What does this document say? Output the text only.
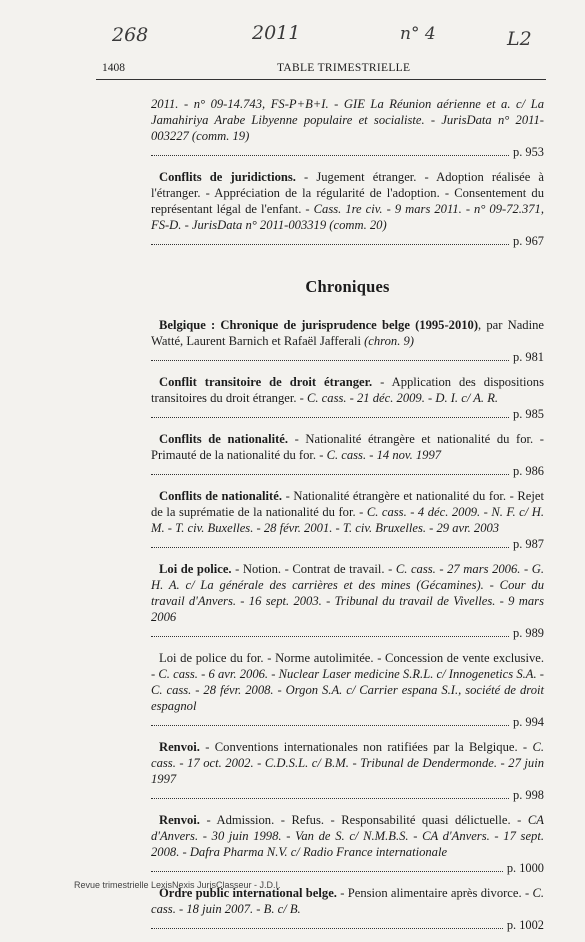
268	2011	n° 4	L2
1408	TABLE TRIMESTRIELLE

2011. - n° 09-14.743, FS-P+B+I. - GIE La Réunion aérienne et a. c/ La Jamahiriya Arabe Libyenne populaire et socialiste. - JurisData n° 2011-003227 (comm. 19)

p. 953

Conflits de juridictions. - Jugement étranger. - Adoption réalisée à l'étranger. - Appréciation de la régularité de l'adoption. - Consentement du représentant légal de l'enfant. - Cass. 1re civ. - 9 mars 2011. - n° 09-72.371, FS-D. - JurisData n° 2011-003319 (comm. 20)

p. 967
Chroniques

Belgique : Chronique de jurisprudence belge (1995-2010), par Nadine Watté, Laurent Barnich et Rafaël Jafferali (chron. 9)

p. 981

Conflit transitoire de droit étranger. - Application des dispositions transitoires du droit étranger. - C. cass. - 21 déc. 2009. - D. I. c/ A. R.

p. 985

Conflits de nationalité. - Nationalité étrangère et nationalité du for. - Primauté de la nationalité du for. - C. cass. - 14 nov. 1997

p. 986

Conflits de nationalité. - Nationalité étrangère et nationalité du for. - Rejet de la suprématie de la nationalité du for. - C. cass. - 4 déc. 2009. - N. F. c/ H. M. - T. civ. Buxelles. - 28 févr. 2001. - T. civ. Bruxelles. - 29 avr. 2003

p. 987

Loi de police. - Notion. - Contrat de travail. - C. cass. - 27 mars 2006. - G. H. A. c/ La générale des carrières et des mines (Gécamines). - Cour du travail d'Anvers. - 16 sept. 2003. - Tribunal du travail de Vivelles. - 9 mars 2006

p. 989

Loi de police du for. - Norme autolimitée. - Concession de vente exclusive. - C. cass. - 6 avr. 2006. - Nuclear Laser medicine S.R.L. c/ Innogenetics S.A. - C. cass. - 28 févr. 2008. - Orgon S.A. c/ Carrier espana S.I., société de droit espagnol

p. 994

Renvoi. - Conventions internationales non ratifiées par la Belgique. - C. cass. - 17 oct. 2002. - C.D.S.L. c/ B.M. - Tribunal de Dendermonde. - 27 juin 1997

p. 998

Renvoi. - Admission. - Refus. - Responsabilité quasi délictuelle. - CA d'Anvers. - 30 juin 1998. - Van de S. c/ N.M.B.S. - CA d'Anvers. - 17 sept. 2008. - Dafra Pharma N.V. c/ Radio France internationale

p. 1000

Ordre public international belge. - Pension alimentaire après divorce. - C. cass. - 18 juin 2007. - B. c/ B.

p. 1002
Revue trimestrielle LexisNexis JurisClasseur - J.D.I.
